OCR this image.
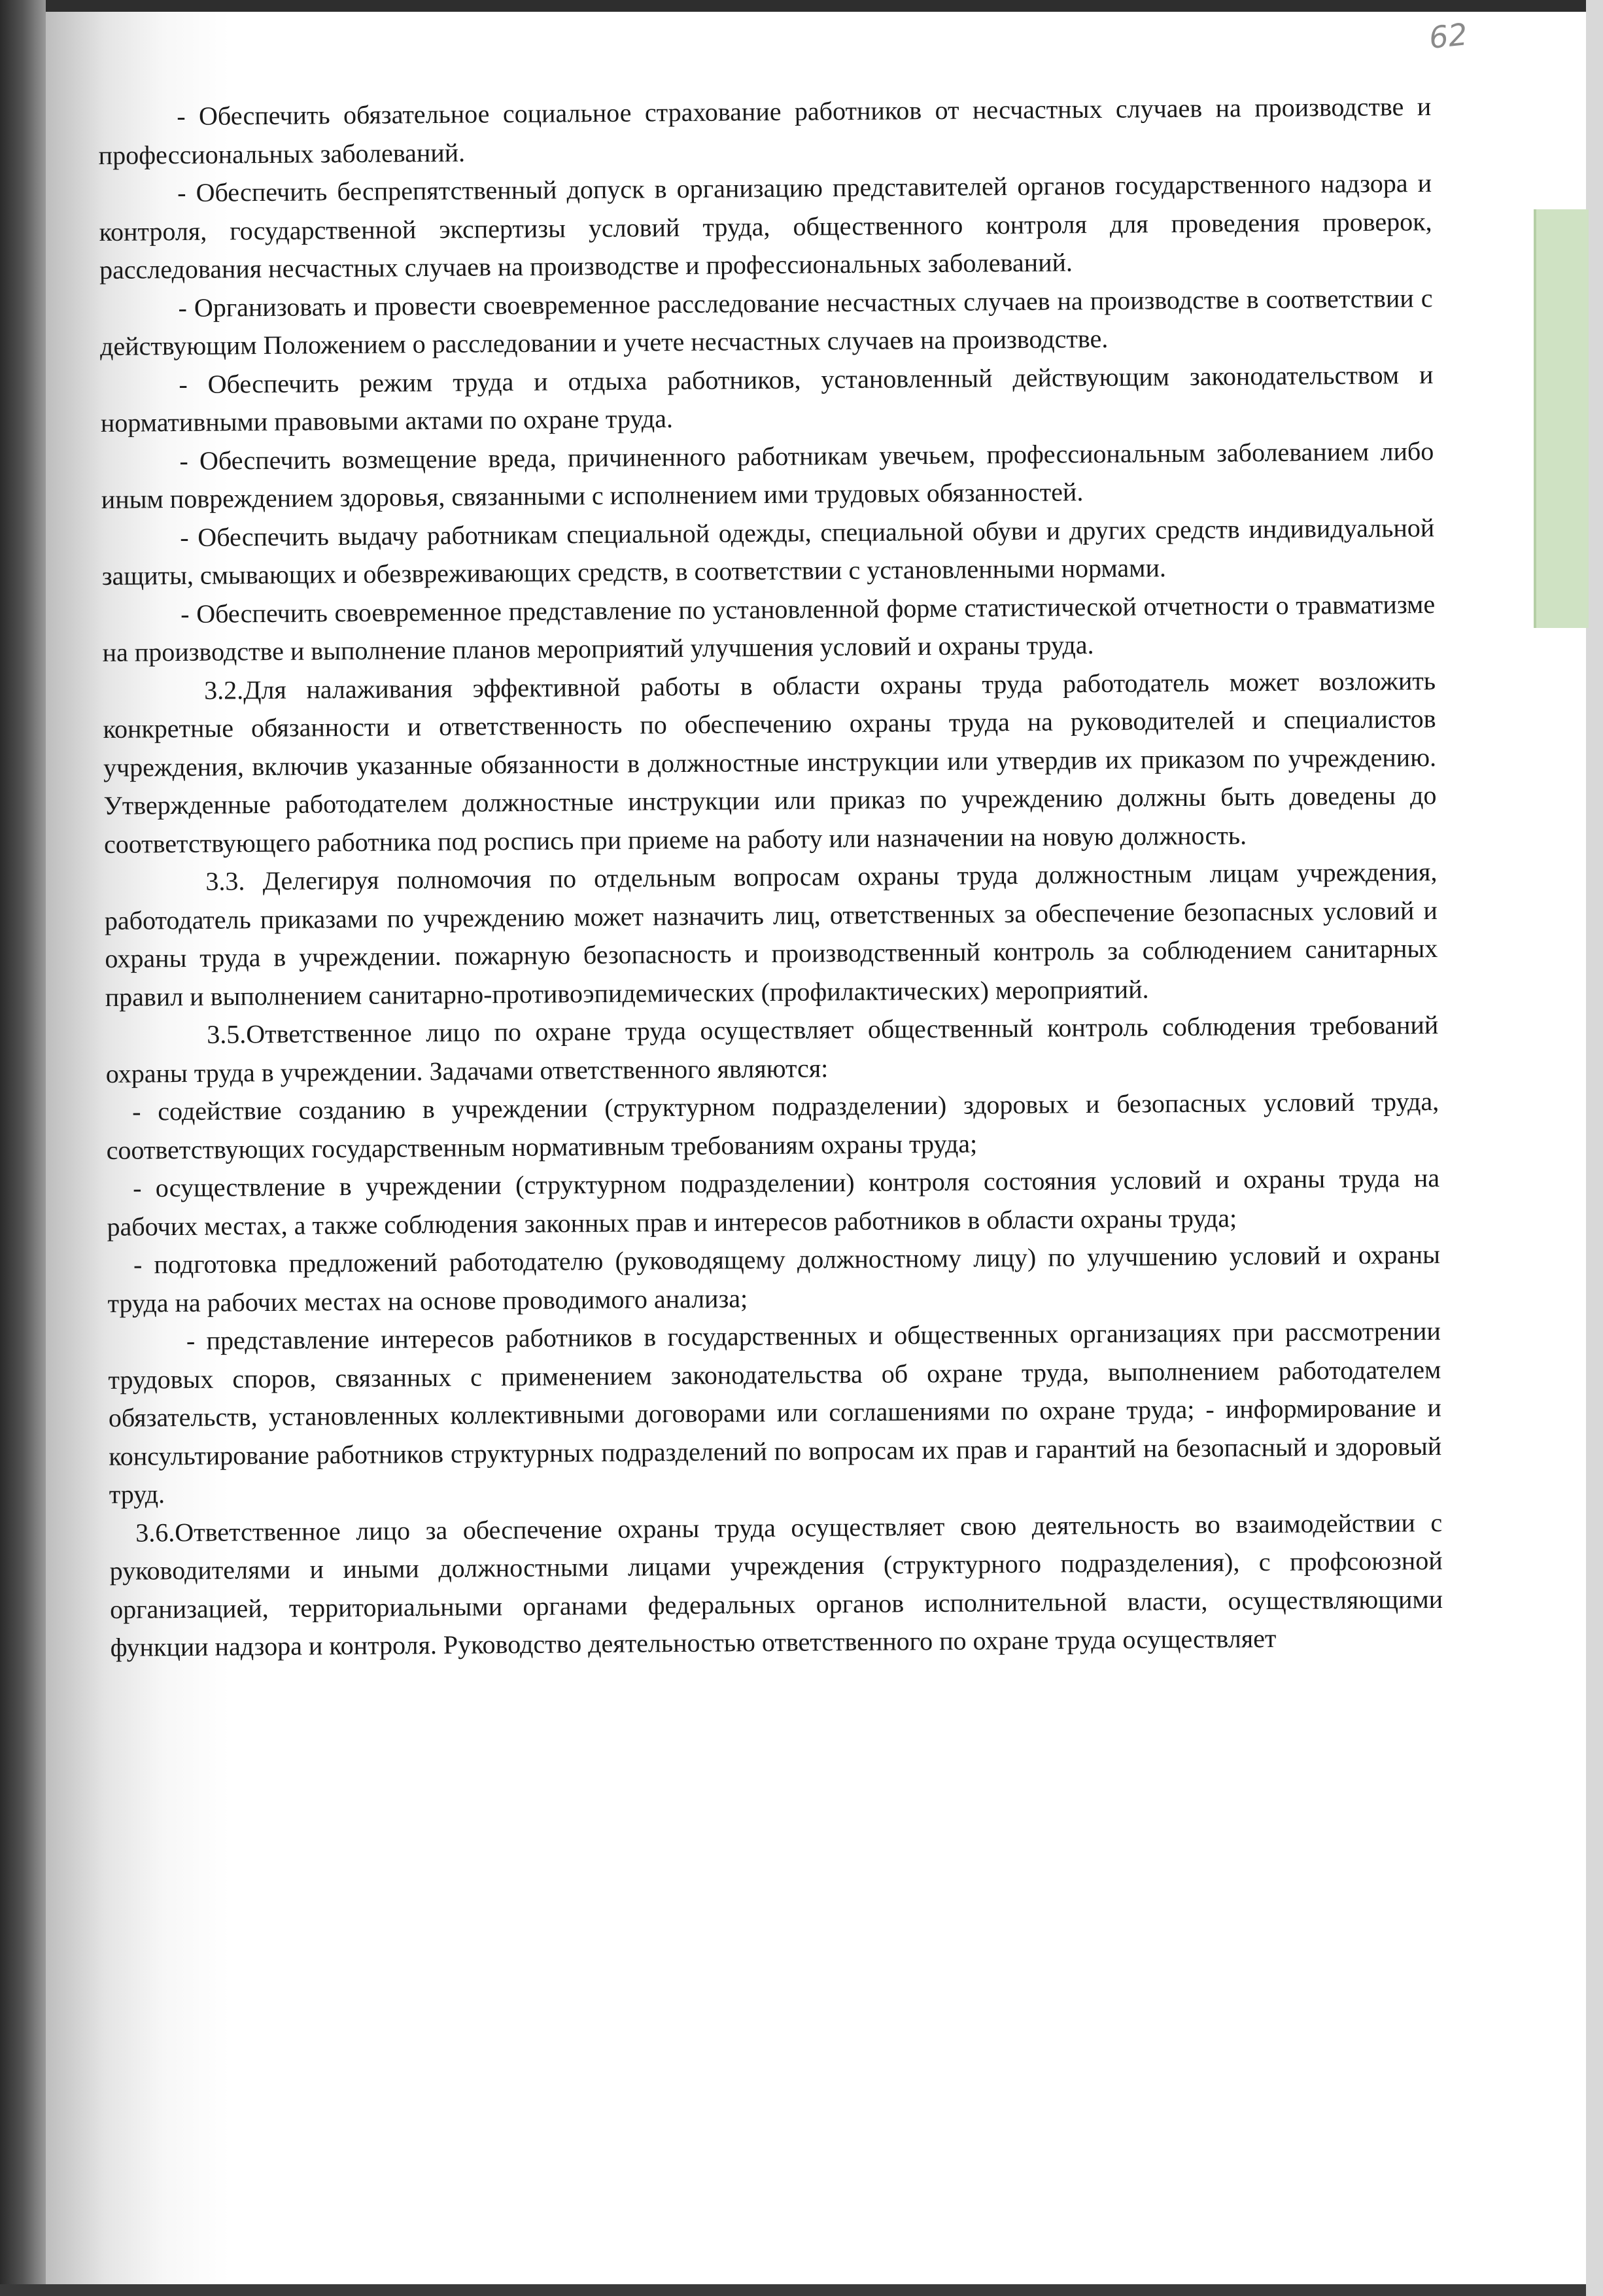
62

- Обеспечить обязательное социальное страхование работников от несчастных случаев на производстве и профессиональных заболеваний.

- Обеспечить беспрепятственный допуск в организацию представителей органов государственного надзора и контроля, государственной экспертизы условий труда, общественного контроля для проведения проверок, расследования несчастных случаев на производстве и профессиональных заболеваний.

- Организовать и провести своевременное расследование несчастных случаев на производстве в соответствии с действующим Положением о расследовании и учете несчастных случаев на производстве.

- Обеспечить режим труда и отдыха работников, установленный действующим законодательством и нормативными правовыми актами по охране труда.

- Обеспечить возмещение вреда, причиненного работникам увечьем, профессиональным заболеванием либо иным повреждением здоровья, связанными с исполнением ими трудовых обязанностей.

- Обеспечить выдачу работникам специальной одежды, специальной обуви и других средств индивидуальной защиты, смывающих и обезвреживающих средств, в соответствии с установленными нормами.

- Обеспечить своевременное представление по установленной форме статистической отчетности о травматизме на производстве и выполнение планов мероприятий улучшения условий и охраны труда.

3.2.Для налаживания эффективной работы в области охраны труда работодатель может возложить конкретные обязанности и ответственность по обеспечению охраны труда на руководителей и специалистов учреждения, включив указанные обязанности в должностные инструкции или утвердив их приказом по учреждению. Утвержденные работодателем должностные инструкции или приказ по учреждению должны быть доведены до соответствующего работника под роспись при приеме на работу или назначении на новую должность.

3.3. Делегируя полномочия по отдельным вопросам охраны труда должностным лицам учреждения, работодатель приказами по учреждению может назначить лиц, ответственных за обеспечение безопасных условий и охраны труда в учреждении. пожарную безопасность и производственный контроль за соблюдением санитарных правил и выполнением санитарно-противоэпидемических (профилактических) мероприятий.

3.5.Ответственное лицо по охране труда осуществляет общественный контроль соблюдения требований охраны труда в учреждении. Задачами ответственного являются:

- содействие созданию в учреждении (структурном подразделении) здоровых и безопасных условий труда, соответствующих государственным нормативным требованиям охраны труда;

- осуществление в учреждении (структурном подразделении) контроля состояния условий и охраны труда на рабочих местах, а также соблюдения законных прав и интересов работников в области охраны труда;

- подготовка предложений работодателю (руководящему должностному лицу) по улучшению условий и охраны труда на рабочих местах на основе проводимого анализа;

- представление интересов работников в государственных и общественных организациях при рассмотрении трудовых споров, связанных с применением законодательства об охране труда, выполнением работодателем обязательств, установленных коллективными договорами или соглашениями по охране труда; - информирование и консультирование работников структурных подразделений по вопросам их прав и гарантий на безопасный и здоровый труд.

3.6.Ответственное лицо за обеспечение охраны труда осуществляет свою деятельность во взаимодействии с руководителями и иными должностными лицами учреждения (структурного подразделения), с профсоюзной организацией, территориальными органами федеральных органов исполнительной власти, осуществляющими функции надзора и контроля. Руководство деятельностью ответственного по охране труда осуществляет
